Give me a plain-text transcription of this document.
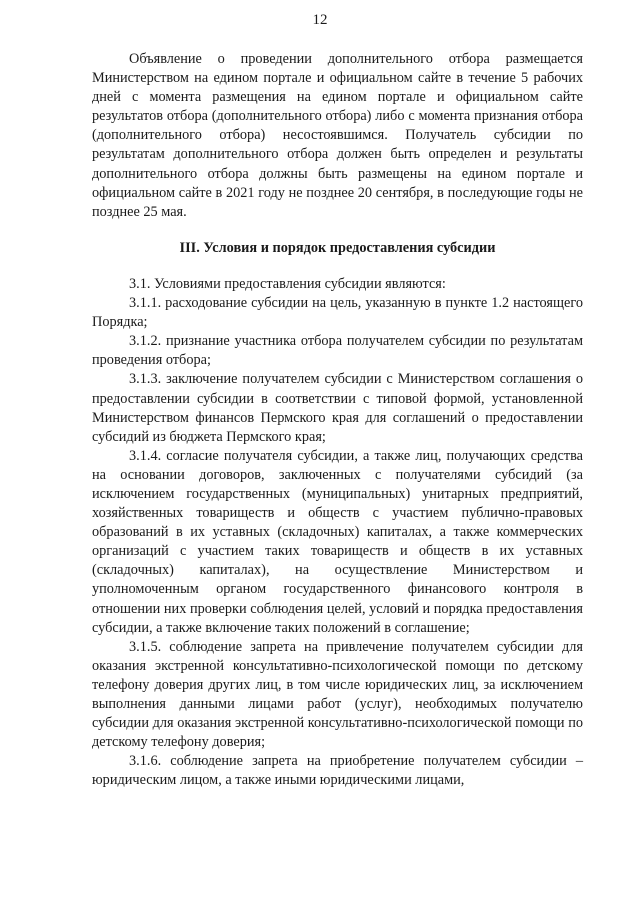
12

Объявление о проведении дополнительного отбора размещается Министерством на едином портале и официальном сайте в течение 5 рабочих дней с момента размещения на едином портале и официальном сайте результатов отбора (дополнительного отбора) либо с момента признания отбора (дополнительного отбора) несостоявшимся. Получатель субсидии по результатам дополнительного отбора должен быть определен и результаты дополнительного отбора должны быть размещены на едином портале и официальном сайте в 2021 году не позднее 20 сентября, в последующие годы не позднее 25 мая.

III. Условия и порядок предоставления субсидии

3.1. Условиями предоставления субсидии являются:

3.1.1. расходование субсидии на цель, указанную в пункте 1.2 настоящего Порядка;

3.1.2. признание участника отбора получателем субсидии по результатам проведения отбора;

3.1.3. заключение получателем субсидии с Министерством соглашения о предоставлении субсидии в соответствии с типовой формой, установленной Министерством финансов Пермского края для соглашений о предоставлении субсидий из бюджета Пермского края;

3.1.4. согласие получателя субсидии, а также лиц, получающих средства на основании договоров, заключенных с получателями субсидий (за исключением государственных (муниципальных) унитарных предприятий, хозяйственных товариществ и обществ с участием публично-правовых образований в их уставных (складочных) капиталах, а также коммерческих организаций с участием таких товариществ и обществ в их уставных (складочных) капиталах), на осуществление Министерством и уполномоченным органом государственного финансового контроля в отношении них проверки соблюдения целей, условий и порядка предоставления субсидии, а также включение таких положений в соглашение;

3.1.5. соблюдение запрета на привлечение получателем субсидии для оказания экстренной консультативно-психологической помощи по детскому телефону доверия других лиц, в том числе юридических лиц, за исключением выполнения данными лицами работ (услуг), необходимых получателю субсидии для оказания экстренной консультативно-психологической помощи по детскому телефону доверия;

3.1.6. соблюдение запрета на приобретение получателем субсидии – юридическим лицом, а также иными юридическими лицами,
